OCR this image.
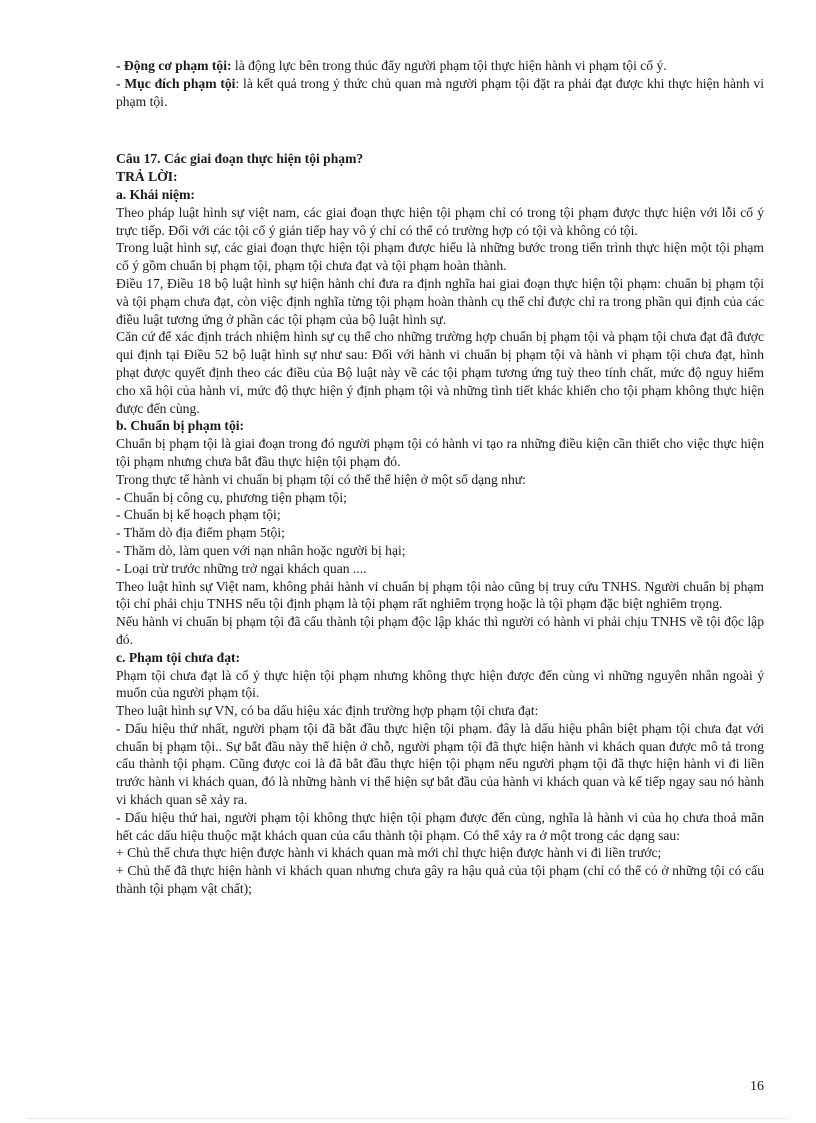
- Động cơ phạm tội: là động lực bên trong thúc đẩy người phạm tội thực hiện hành vi phạm tội cố ý.

- Mục đích phạm tội: là kết quả trong ý thức chủ quan mà người phạm tội đặt ra phải đạt được khi thực hiện hành vi phạm tội.

Câu 17. Các giai đoạn thực hiện tội phạm?

TRẢ LỜI:

a. Khái niệm:

Theo pháp luật hình sự việt nam, các giai đoạn thực hiện tội phạm chỉ có trong tội phạm được thực hiện với lỗi cố ý trực tiếp. Đối với các tội cố ý gián tiếp hay vô ý chỉ có thể có trường hợp có tội và không có tội.

Trong luật hình sự, các giai đoạn thực hiện tội phạm được hiểu là những bước trong tiến trình thực hiện một tội phạm cố ý gồm chuẩn bị phạm tội, phạm tội chưa đạt và tội phạm hoàn thành.

Điều 17, Điều 18 bộ luật hình sự hiện hành chỉ đưa ra định nghĩa hai giai đoạn thực hiện tội phạm: chuẩn bị phạm tội và tội phạm chưa đạt, còn việc định nghĩa từng tội phạm hoàn thành cụ thể chỉ được chỉ ra trong phần qui định của các điều luật tương ứng ở phần các tội phạm của bộ luật hình sự.

Căn cứ để xác định trách nhiệm hình sự cụ thể cho những trường hợp chuẩn bị phạm tội và phạm tội chưa đạt đã được qui định tại Điều 52 bộ luật hình sự như sau: Đối với hành vi chuẩn bị phạm tội và hành vi phạm tội chưa đạt, hình phạt được quyết định theo các điều của Bộ luật này về các tội phạm tương ứng tuỳ theo tính chất, mức độ nguy hiểm cho xã hội của hành vi, mức độ thực hiện ý định phạm tội và những tình tiết khác khiến cho tội phạm không thực hiện được đến cùng.

b. Chuẩn bị phạm tội:

Chuẩn bị phạm tội là giai đoạn trong đó người phạm tội có hành vi tạo ra những điều kiện cần thiết cho việc thực hiện tội phạm nhưng chưa bắt đầu thực hiện tội phạm đó.

Trong thực tế hành vi chuẩn bị phạm tội có thể thể hiện ở một số dạng như:

- Chuẩn bị công cụ, phương tiện phạm tội;

- Chuẩn bị kế hoạch phạm tội;

- Thăm dò địa điểm phạm 5tội;

- Thăm dò, làm quen với nạn nhân hoặc người bị hại;

- Loại trừ trước những trở ngại khách quan ....

Theo luật hình sự Việt nam, không phải hành vi chuẩn bị phạm tội nào cũng bị truy cứu TNHS. Người chuẩn bị phạm tội chỉ phải chịu TNHS nếu tội định phạm là tội phạm rất nghiêm trọng hoặc là tội phạm đặc biệt nghiêm trọng.

Nếu hành vi chuẩn bị phạm tội đã cấu thành tội phạm độc lập khác thì người có hành vi phải chịu TNHS về tội độc lập đó.

c. Phạm tội chưa đạt:

Phạm tội chưa đạt là cố ý thực hiện tội phạm nhưng không thực hiện được đến cùng vì những nguyên nhân ngoài ý muốn của người phạm tội.

Theo luật hình sự VN, có ba dấu hiệu xác định trường hợp phạm tội chưa đạt:

- Dấu hiệu thứ nhất, người phạm tội đã bắt đầu thực hiện tội phạm. đây là dấu hiệu phân biệt phạm tội chưa đạt với chuẩn bị phạm tội.. Sự bắt đầu này thể hiện ở chỗ, người phạm tội đã thực hiện hành vi khách quan được mô tả trong cấu thành tội phạm. Cũng được coi là đã bắt đầu thực hiện tội phạm nếu người phạm tội đã thực hiện hành vi đi liền trước hành vi khách quan, đó là những hành vi thể hiện sự bắt đầu của hành vi khách quan và kế tiếp ngay sau nó hành vi khách quan sẽ xảy ra.

- Dấu hiệu thứ hai, người phạm tội không thực hiện tội phạm được đến cùng, nghĩa là hành vi của họ chưa thoả mãn hết các dấu hiệu thuộc mặt khách quan của cấu thành tội phạm. Có thể xảy ra ở một trong các dạng sau:

+ Chủ thể chưa thực hiện được hành vi khách quan mà mới chỉ thực hiện được hành vi đi liền trước;

+ Chủ thể đã thực hiện hành vi khách quan nhưng chưa gây ra hậu quả của tội phạm (chỉ có thể có ở những tội có cấu thành tội phạm vật chất);

16
